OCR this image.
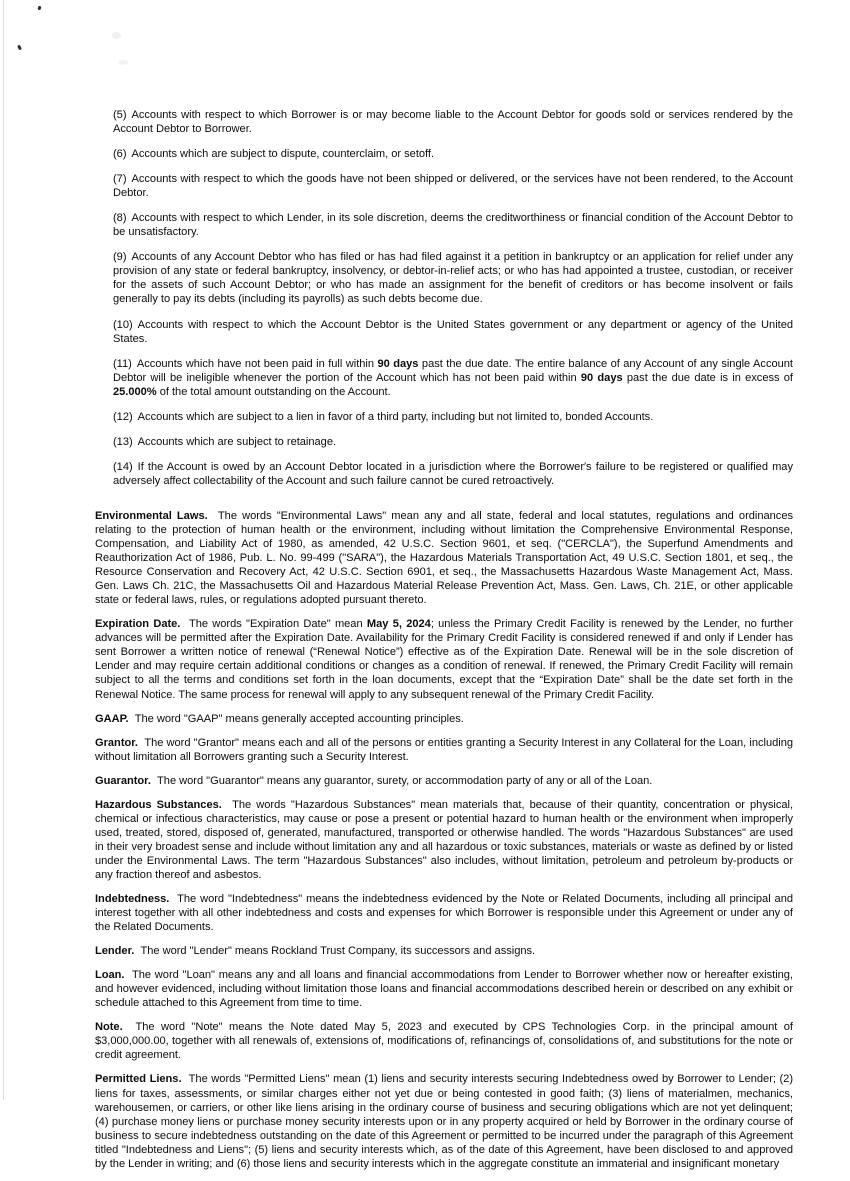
(5) Accounts with respect to which Borrower is or may become liable to the Account Debtor for goods sold or services rendered by the Account Debtor to Borrower.

(6) Accounts which are subject to dispute, counterclaim, or setoff.

(7) Accounts with respect to which the goods have not been shipped or delivered, or the services have not been rendered, to the Account Debtor.

(8) Accounts with respect to which Lender, in its sole discretion, deems the creditworthiness or financial condition of the Account Debtor to be unsatisfactory.

(9) Accounts of any Account Debtor who has filed or has had filed against it a petition in bankruptcy or an application for relief under any provision of any state or federal bankruptcy, insolvency, or debtor-in-relief acts; or who has had appointed a trustee, custodian, or receiver for the assets of such Account Debtor; or who has made an assignment for the benefit of creditors or has become insolvent or fails generally to pay its debts (including its payrolls) as such debts become due.

(10) Accounts with respect to which the Account Debtor is the United States government or any department or agency of the United States.

(11) Accounts which have not been paid in full within 90 days past the due date. The entire balance of any Account of any single Account Debtor will be ineligible whenever the portion of the Account which has not been paid within 90 days past the due date is in excess of 25.000% of the total amount outstanding on the Account.

(12) Accounts which are subject to a lien in favor of a third party, including but not limited to, bonded Accounts.

(13) Accounts which are subject to retainage.

(14) If the Account is owed by an Account Debtor located in a jurisdiction where the Borrower′s failure to be registered or qualified may adversely affect collectability of the Account and such failure cannot be cured retroactively.

Environmental Laws. The words "Environmental Laws" mean any and all state, federal and local statutes, regulations and ordinances relating to the protection of human health or the environment, including without limitation the Comprehensive Environmental Response, Compensation, and Liability Act of 1980, as amended, 42 U.S.C. Section 9601, et seq. ("CERCLA"), the Superfund Amendments and Reauthorization Act of 1986, Pub. L. No. 99-499 ("SARA"), the Hazardous Materials Transportation Act, 49 U.S.C. Section 1801, et seq., the Resource Conservation and Recovery Act, 42 U.S.C. Section 6901, et seq., the Massachusetts Hazardous Waste Management Act, Mass. Gen. Laws Ch. 21C, the Massachusetts Oil and Hazardous Material Release Prevention Act, Mass. Gen. Laws, Ch. 21E, or other applicable state or federal laws, rules, or regulations adopted pursuant thereto.

Expiration Date. The words "Expiration Date" mean May 5, 2024; unless the Primary Credit Facility is renewed by the Lender, no further advances will be permitted after the Expiration Date. Availability for the Primary Credit Facility is considered renewed if and only if Lender has sent Borrower a written notice of renewal (“Renewal Notice”) effective as of the Expiration Date. Renewal will be in the sole discretion of Lender and may require certain additional conditions or changes as a condition of renewal. If renewed, the Primary Credit Facility will remain subject to all the terms and conditions set forth in the loan documents, except that the “Expiration Date” shall be the date set forth in the Renewal Notice. The same process for renewal will apply to any subsequent renewal of the Primary Credit Facility.

GAAP. The word "GAAP" means generally accepted accounting principles.

Grantor. The word "Grantor" means each and all of the persons or entities granting a Security Interest in any Collateral for the Loan, including without limitation all Borrowers granting such a Security Interest.

Guarantor. The word "Guarantor" means any guarantor, surety, or accommodation party of any or all of the Loan.

Hazardous Substances. The words "Hazardous Substances" mean materials that, because of their quantity, concentration or physical, chemical or infectious characteristics, may cause or pose a present or potential hazard to human health or the environment when improperly used, treated, stored, disposed of, generated, manufactured, transported or otherwise handled. The words "Hazardous Substances" are used in their very broadest sense and include without limitation any and all hazardous or toxic substances, materials or waste as defined by or listed under the Environmental Laws. The term "Hazardous Substances" also includes, without limitation, petroleum and petroleum by-products or any fraction thereof and asbestos.

Indebtedness. The word "Indebtedness" means the indebtedness evidenced by the Note or Related Documents, including all principal and interest together with all other indebtedness and costs and expenses for which Borrower is responsible under this Agreement or under any of the Related Documents.

Lender. The word "Lender" means Rockland Trust Company, its successors and assigns.

Loan. The word "Loan" means any and all loans and financial accommodations from Lender to Borrower whether now or hereafter existing, and however evidenced, including without limitation those loans and financial accommodations described herein or described on any exhibit or schedule attached to this Agreement from time to time.

Note. The word "Note" means the Note dated May 5, 2023 and executed by CPS Technologies Corp. in the principal amount of $3,000,000.00, together with all renewals of, extensions of, modifications of, refinancings of, consolidations of, and substitutions for the note or credit agreement.

Permitted Liens. The words "Permitted Liens" mean (1) liens and security interests securing Indebtedness owed by Borrower to Lender; (2) liens for taxes, assessments, or similar charges either not yet due or being contested in good faith; (3) liens of materialmen, mechanics, warehousemen, or carriers, or other like liens arising in the ordinary course of business and securing obligations which are not yet delinquent; (4) purchase money liens or purchase money security interests upon or in any property acquired or held by Borrower in the ordinary course of business to secure indebtedness outstanding on the date of this Agreement or permitted to be incurred under the paragraph of this Agreement titled "Indebtedness and Liens"; (5) liens and security interests which, as of the date of this Agreement, have been disclosed to and approved by the Lender in writing; and (6) those liens and security interests which in the aggregate constitute an immaterial and insignificant monetary
